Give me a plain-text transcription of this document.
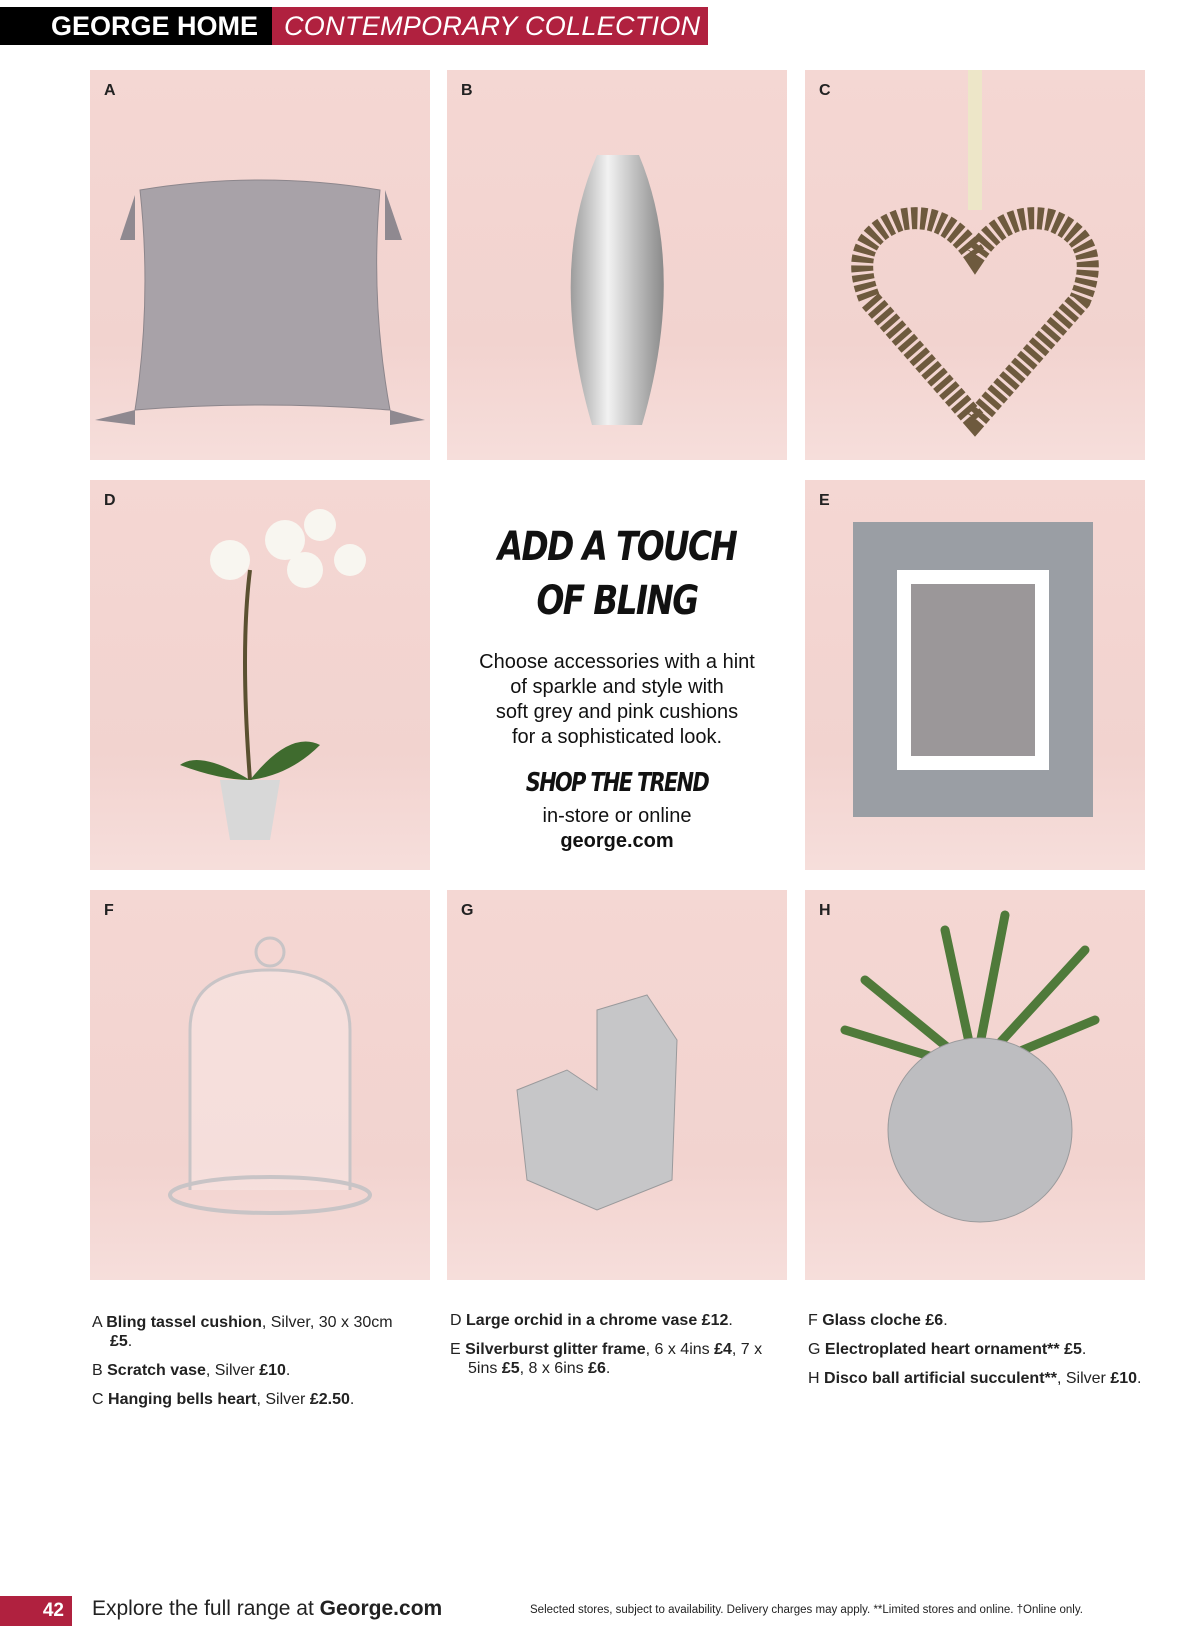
GEORGE HOME CONTEMPORARY COLLECTION
A	B	C
D
ADD A TOUCH
OF BLING

Choose accessories with a hint
of sparkle and style with
soft grey and pink cushions
for a sophisticated look.

SHOP THE TREND
in-store or online
george.com
E
F	G	H
A Bling tassel cushion, Silver, 30 x 30cm £5.
B Scratch vase, Silver £10.
C Hanging bells heart, Silver £2.50.
D Large orchid in a chrome vase £12.
E Silverburst glitter frame, 6 x 4ins £4, 7 x 5ins £5, 8 x 6ins £6.
F Glass cloche £6.
G Electroplated heart ornament** £5.
H Disco ball artificial succulent**, Silver £10.
42	Explore the full range at George.com	Selected stores, subject to availability. Delivery charges may apply. **Limited stores and online. †Online only.
